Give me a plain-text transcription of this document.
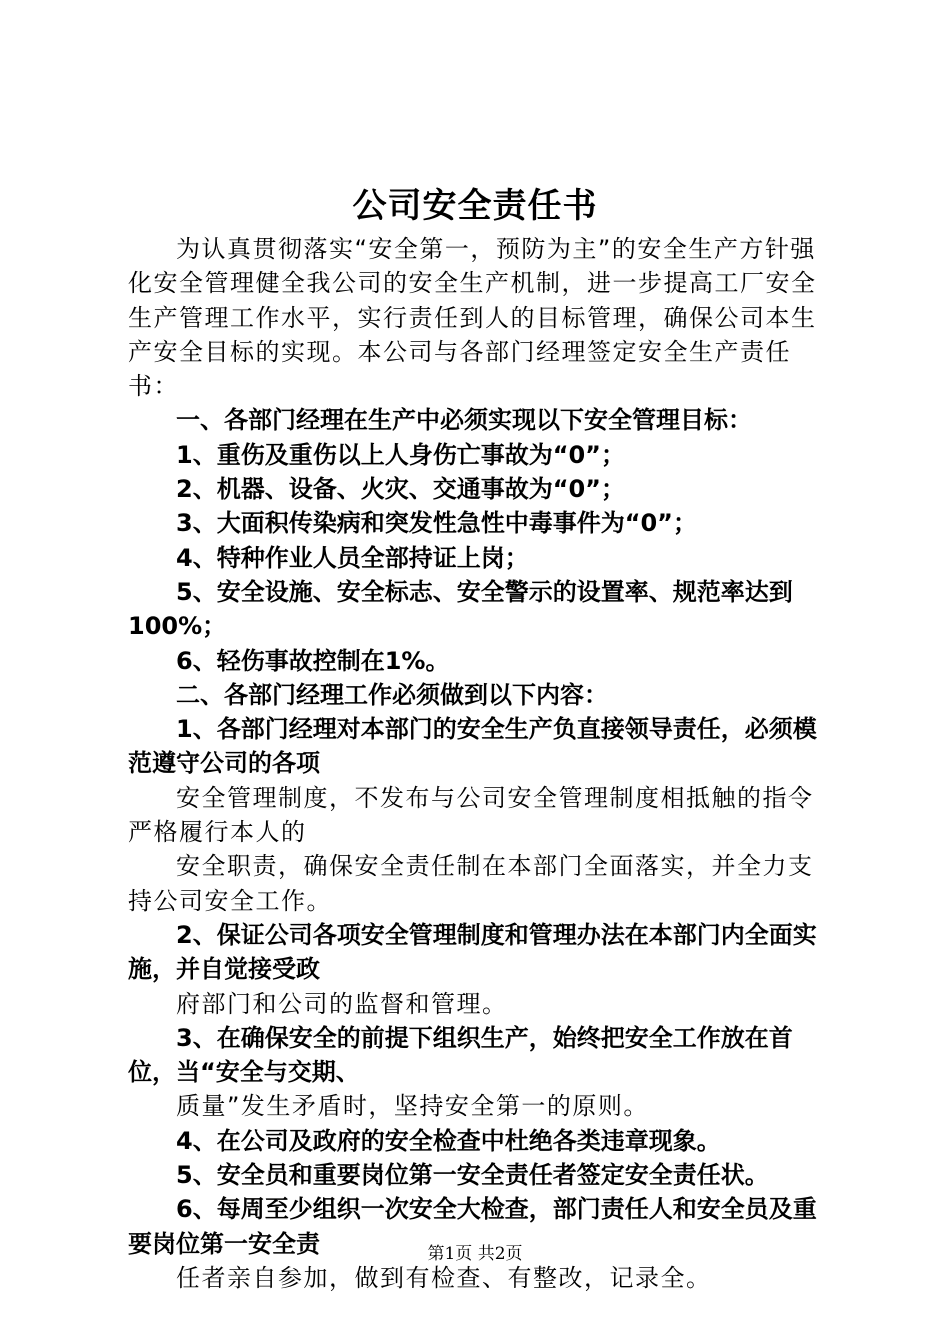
公司安全责任书

为认真贯彻落实“安全第一，预防为主”的安全生产方针强化安全管理健全我公司的安全生产机制，进一步提高工厂安全生产管理工作水平，实行责任到人的目标管理，确保公司本生产安全目标的实现。本公司与各部门经理签定安全生产责任书：

一、各部门经理在生产中必须实现以下安全管理目标：

1、重伤及重伤以上人身伤亡事故为“0”；

2、机器、设备、火灾、交通事故为“0”；

3、大面积传染病和突发性急性中毒事件为“0”；

4、特种作业人员全部持证上岗；

5、安全设施、安全标志、安全警示的设置率、规范率达到100%；

6、轻伤事故控制在1%。

二、各部门经理工作必须做到以下内容：

1、各部门经理对本部门的安全生产负直接领导责任，必须模范遵守公司的各项

安全管理制度，不发布与公司安全管理制度相抵触的指令严格履行本人的

安全职责，确保安全责任制在本部门全面落实，并全力支持公司安全工作。

2、保证公司各项安全管理制度和管理办法在本部门内全面实施，并自觉接受政

府部门和公司的监督和管理。

3、在确保安全的前提下组织生产，始终把安全工作放在首位，当“安全与交期、

质量”发生矛盾时，坚持安全第一的原则。

4、在公司及政府的安全检查中杜绝各类违章现象。

5、安全员和重要岗位第一安全责任者签定安全责任状。

6、每周至少组织一次安全大检查，部门责任人和安全员及重要岗位第一安全责

任者亲自参加，做到有检查、有整改，记录全。

第1页 共2页
